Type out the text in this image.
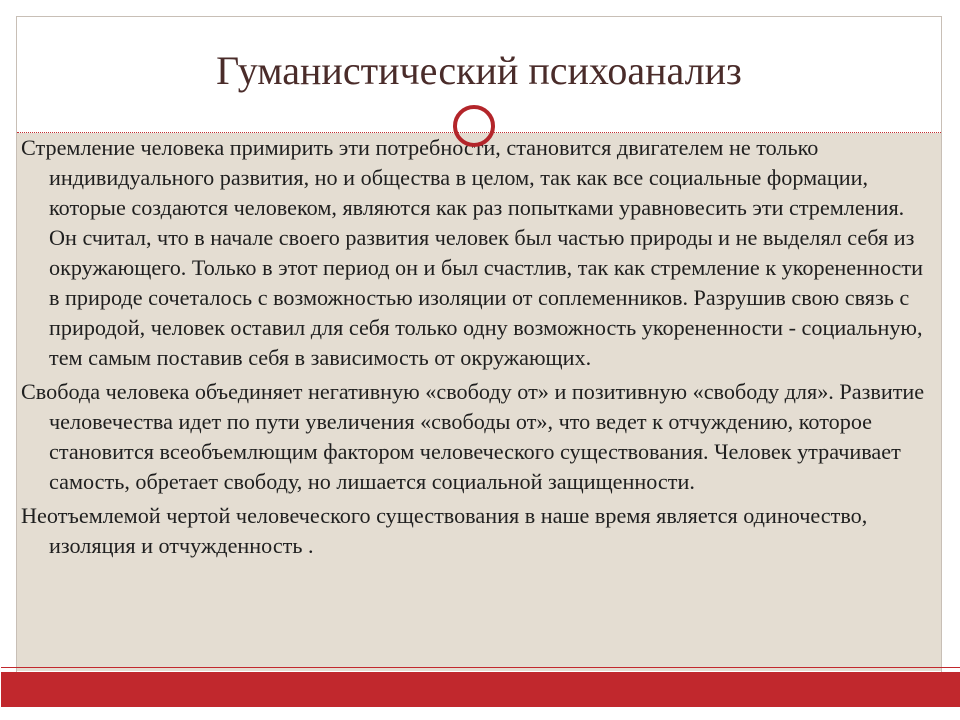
Гуманистический психоанализ

Стремление человека примирить эти потребности, становится двигателем не только индивидуального развития, но и общества в целом, так как все социальные формации, которые создаются человеком, являются как раз попытками уравновесить эти стремления. Он считал, что в начале своего развития человек был частью природы и не выделял себя из окружающего. Только в этот период он и был счастлив, так как стремление к укорененности в природе сочеталось с возможностью изоляции от соплеменников. Разрушив свою связь с природой, человек оставил для себя только одну возможность укорененности - социальную, тем самым поставив себя в зависимость от окружающих.

Свобода человека объединяет негативную «свободу от» и позитивную «свободу для». Развитие человечества идет по пути увеличения «свободы от», что ведет к отчуждению, которое становится всеобъемлющим фактором человеческого существования. Человек утрачивает самость, обретает свободу, но лишается социальной защищенности.

Неотъемлемой чертой человеческого существования в наше время является одиночество, изоляция и отчужденность .
